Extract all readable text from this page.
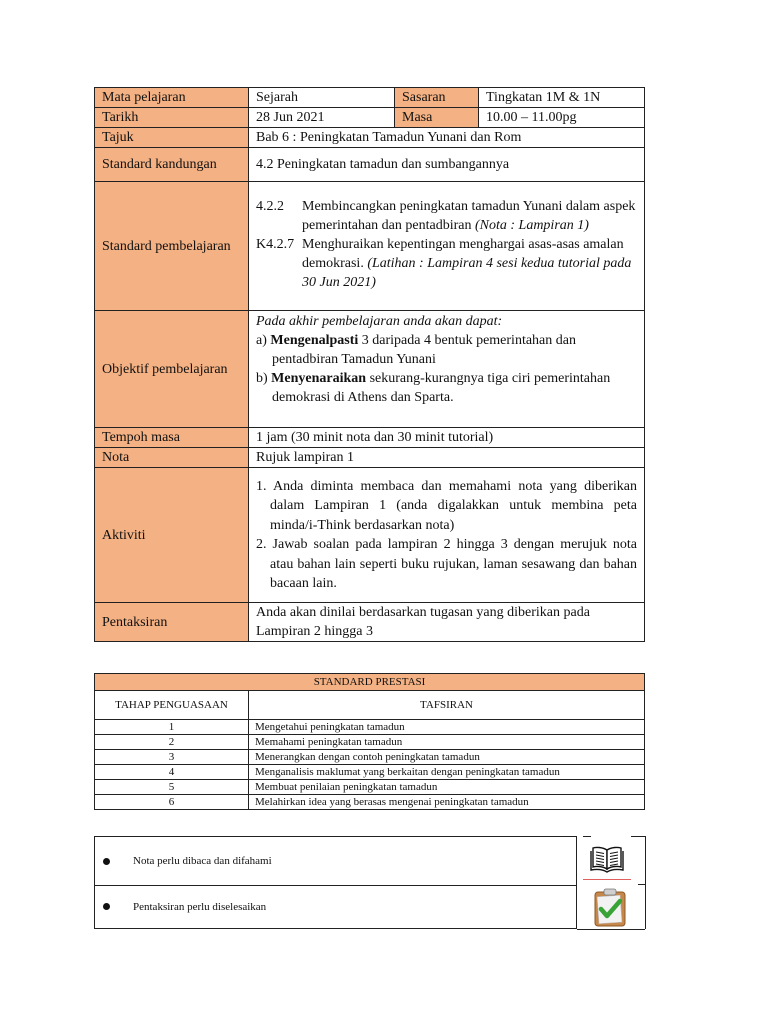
Mata pelajaran	Sejarah	Sasaran	Tingkatan 1M & 1N
Tarikh	28 Jun 2021	Masa	10.00 – 11.00pg
Tajuk	Bab 6 : Peningkatan Tamadun Yunani dan Rom		
Standard kandungan	4.2 Peningkatan tamadun dan sumbangannya		
Standard pembelajaran	4.2.2 Membincangkan peningkatan tamadun Yunani dalam aspek pemerintahan dan pentadbiran (Nota : Lampiran 1)

K4.2.7 Menghuraikan kepentingan menghargai asas-asas amalan demokrasi. (Latihan : Lampiran 4 sesi kedua tutorial pada 30 Jun 2021)		

Objektif pembelajaran	Pada akhir pembelajaran anda akan dapat:

a) Mengenalpasti 3 daripada 4 bentuk pemerintahan dan pentadbiran Tamadun Yunani

b) Menyenaraikan sekurang-kurangnya tiga ciri pemerintahan demokrasi di Athens dan Sparta.		

Tempoh masa	1 jam (30 minit nota dan 30 minit tutorial)		
Nota	Rujuk lampiran 1		
Aktiviti	1. Anda diminta membaca dan memahami nota yang diberikan dalam Lampiran 1 (anda digalakkan untuk membina peta minda/i-Think berdasarkan nota)

2. Jawab soalan pada lampiran 2 hingga 3 dengan merujuk nota atau bahan lain seperti buku rujukan, laman sesawang dan bahan bacaan lain.		

Pentaksiran	Anda akan dinilai berdasarkan tugasan yang diberikan pada Lampiran 2 hingga 3		
STANDARD PRESTASI	
TAHAP PENGUASAAN	TAFSIRAN
1	Mengetahui peningkatan tamadun
2	Memahami peningkatan tamadun
3	Menerangkan dengan contoh peningkatan tamadun
4	Menganalisis maklumat yang berkaitan dengan peningkatan tamadun
5	Membuat penilaian peningkatan tamadun
6	Melahirkan idea yang berasas mengenai peningkatan tamadun
Nota perlu dibaca dan difahami
Pentaksiran perlu diselesaikan
